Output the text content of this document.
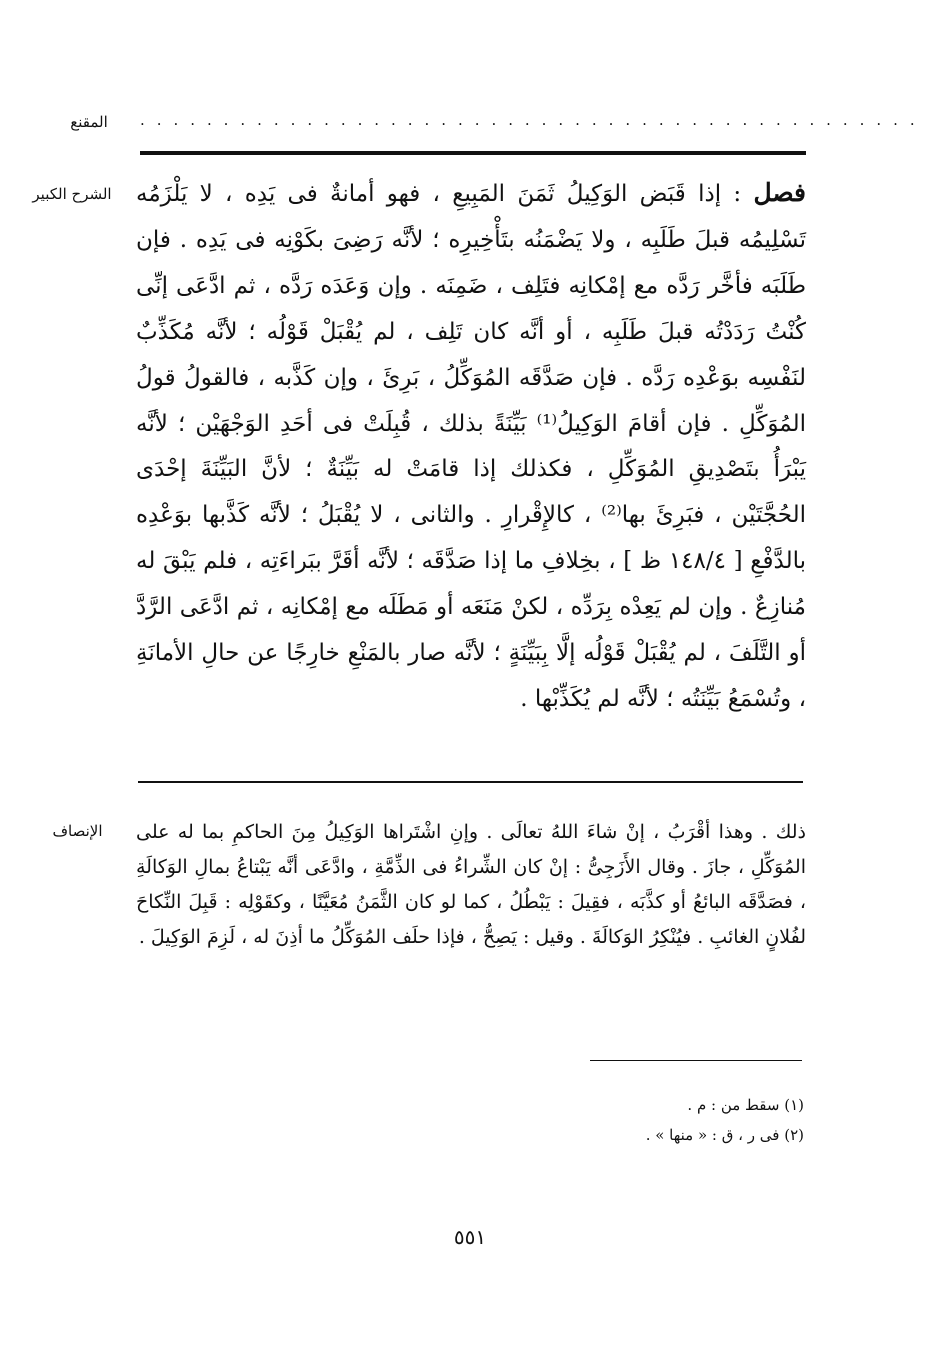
المقنع	. . . . . . . . . . . . . . . . . . . . . . . . . . . . . . . . . . . . . . . . . . . . . . .
الشرح الكبير	فصل : إذا قَبَض الوَكِيلُ ثَمَنَ المَبِيعِ ، فهو أمانةٌ فى يَدِه ، لا يَلْزَمُه تَسْلِيمُه قبلَ طَلَبِه ، ولا يَضْمَنُه بتَأْخِيرِه ؛ لأنَّه رَضِىَ بكَوْنِه فى يَدِه . فإن طَلَبَه فأخَّر رَدَّه مع إمْكانِه فتَلِف ، ضَمِنَه . وإن وَعَدَه رَدَّه ، ثم ادَّعَى إنِّى كُنْتُ رَدَدْتُه قبلَ طَلَبِه ، أو أنَّه كان تَلِف ، لم يُقْبَلْ قَوْلُه ؛ لأنَّه مُكَذِّبٌ لنَفْسِه بوَعْدِه رَدَّه . فإن صَدَّقَه المُوَكِّلُ ، بَرِئَ ، وإن كَذَّبه ، فالقولُ قولُ المُوَكِّلِ . فإن أقامَ الوَكِيلُ⁽¹⁾ بَيِّنَةً بذلك ، قُبِلَتْ فى أحَدِ الوَجْهَيْن ؛ لأنَّه يَبْرَأُ بتَصْدِيقِ المُوَكِّلِ ، فكذلك إذا قامَتْ له بَيِّنَةٌ ؛ لأنَّ البَيِّنَةَ إحْدَى الحُجَّتَيْن ، فبَرِئَ بها⁽²⁾ ، كالإِقْرارِ . والثانى ، لا يُقْبَلُ ؛ لأنَّه كَذَّبها بوَعْدِه بالدَّفْعِ [ ١٤٨/٤ ظ ] ، بخِلافِ ما إذا صَدَّقَه ؛ لأنَّه أقَرَّ ببَراءَتِه ، فلم يَبْقَ له مُنازِعٌ . وإن لم يَعِدْه بِرَدِّه ، لكنْ مَنَعَه أو مَطَلَه مع إمْكانِه ، ثم ادَّعَى الرَّدَّ أو التَّلَفَ ، لم يُقْبَلْ قَوْلُه إلَّا بِبَيِّنَةٍ ؛ لأنَّه صار بالمَنْعِ خارِجًا عن حالِ الأمانَةِ ، وتُسْمَعُ بَيِّنَتُه ؛ لأنَّه لم يُكَذِّبْها .

الإنصاف	ذلك . وهذا أقْرَبُ ، إنْ شاءَ اللهُ تعالَى . وإنِ اشْتَراها الوَكِيلُ مِنَ الحاكمِ بما له على المُوَكِّلِ ، جازَ . وقال الأَزَجِىُّ : إنْ كان الشِّراءُ فى الذِّمَّةِ ، وادَّعَى أنَّه يَبْتاعُ بمالِ الوَكالَةِ ، فصَدَّقَه البائعُ أو كذَّبَه ، فقِيلَ : يَبْطُلُ ، كما لو كان الثَّمَنُ مُعَيَّنًا ، وكقَوْلِه : قَبِلَ النِّكاحَ لفُلانٍ الغائبِ . فيُنْكِرُ الوَكالَةَ . وقيل : يَصِحُّ ، فإذا حلَف المُوَكِّلُ ما أذِنَ له ، لَزِمَ الوَكِيلَ .

(١) سقط من : م .
(٢) فى ر ، ق : « منها » .
٥٥١
